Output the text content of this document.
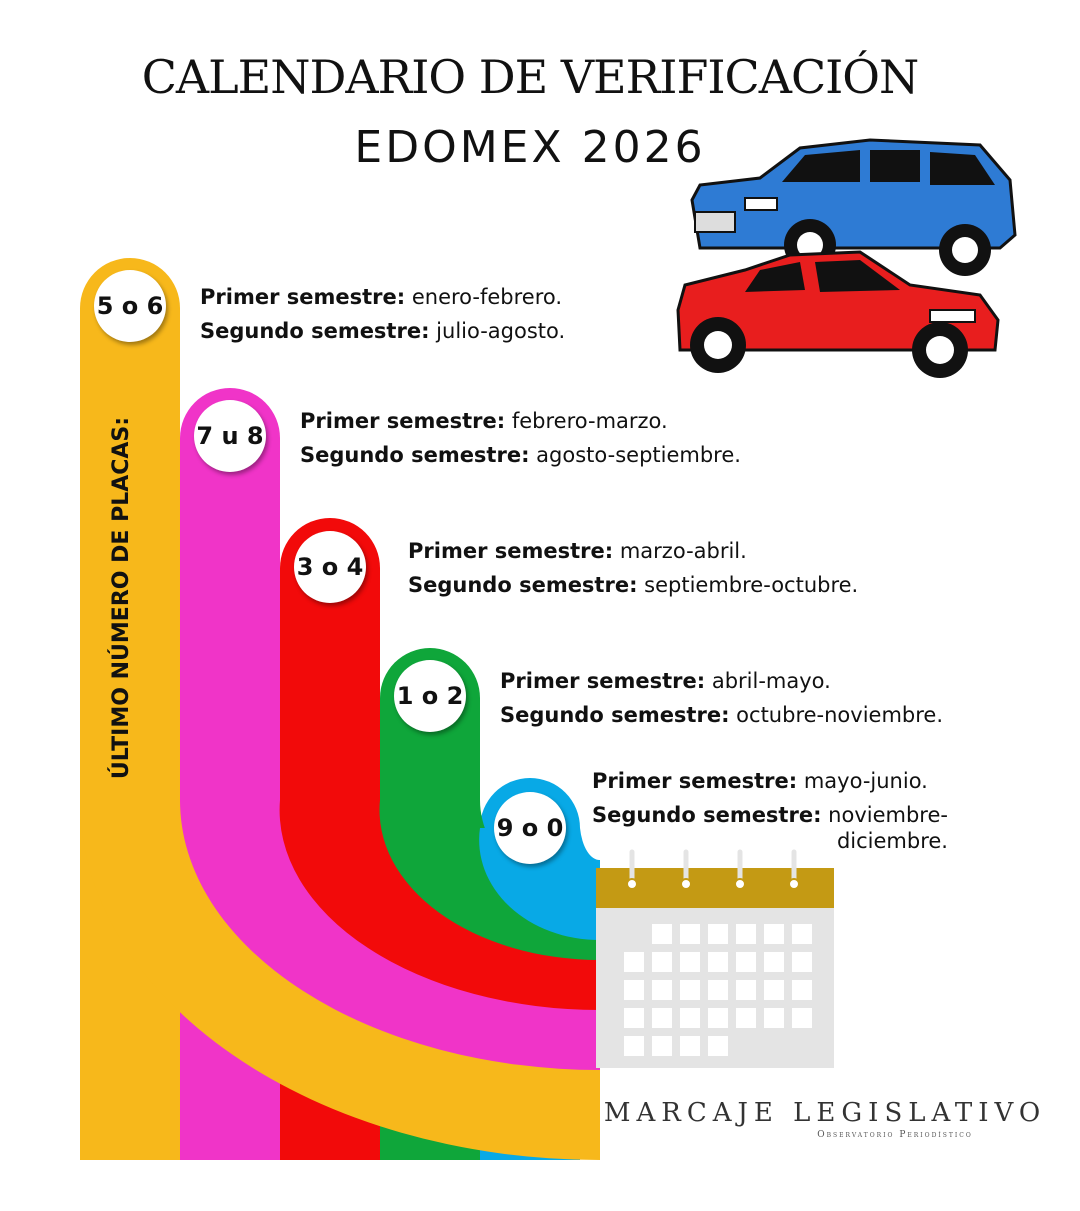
CALENDARIO DE VERIFICACIÓN
EDOMEX 2026
ÚLTIMO NÚMERO DE PLACAS:
5 o 6 Primer semestre: enero-febrero.
Segundo semestre: julio-agosto.
7 u 8
Primer semestre: febrero-marzo.
Segundo semestre: agosto-septiembre.
3 o 4
Primer semestre: marzo-abril.
Segundo semestre: septiembre-octubre.
1 o 2
Primer semestre: abril-mayo.
Segundo semestre: octubre-noviembre.
9 o 0
Primer semestre: mayo-junio.
Segundo semestre: noviembre-
diciembre.
MARCAJE LEGISLATIVO
Observatorio Periodístico
